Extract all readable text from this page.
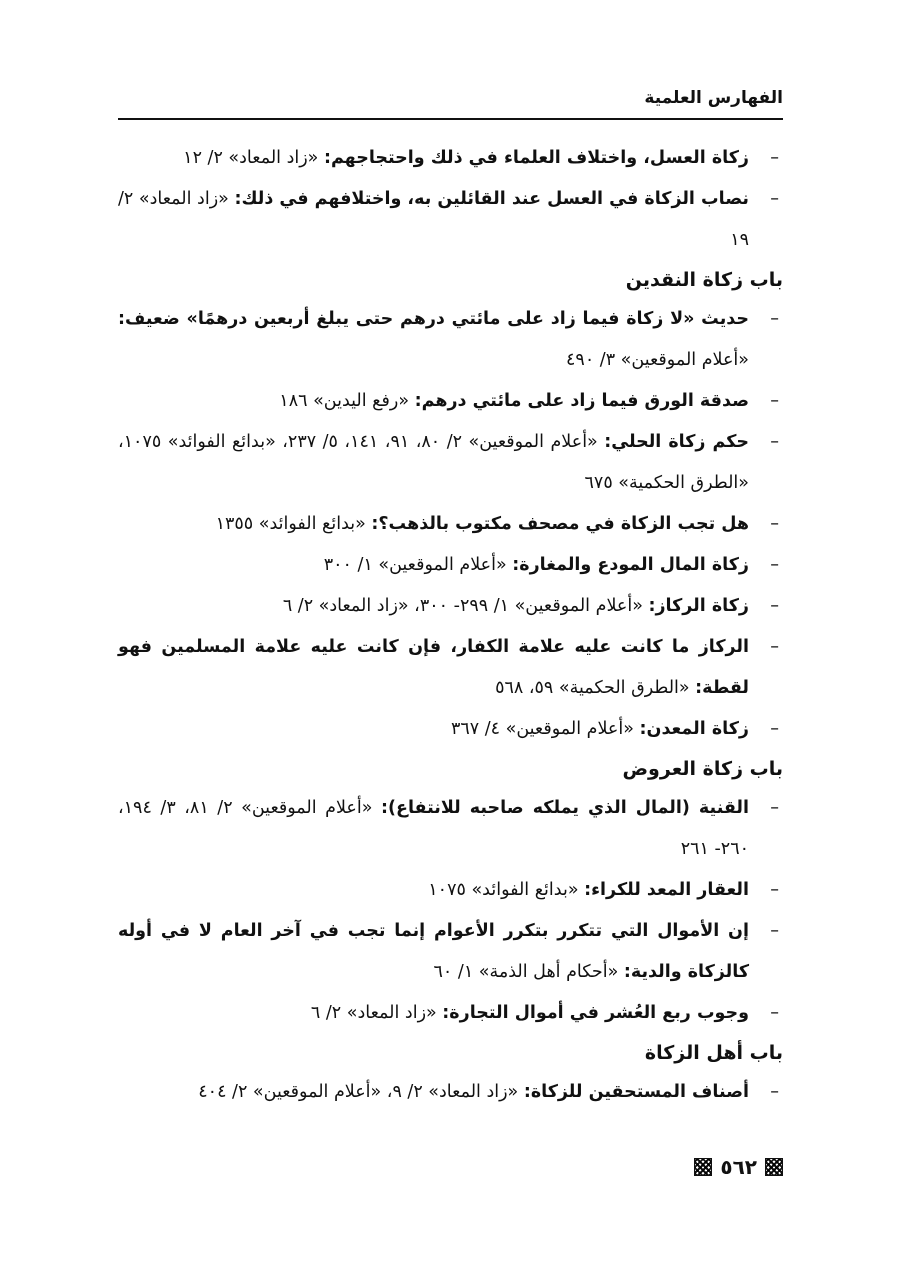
الفهارس العلمية
–
زكاة العسل، واختلاف العلماء في ذلك واحتجاجهم: «زاد المعاد» ٢/ ١٢
–
نصاب الزكاة في العسل عند القائلين به، واختلافهم في ذلك: «زاد المعاد» ٢/ ١٩
باب زكاة النقدين
–
حديث «لا زكاة فيما زاد على مائتي درهم حتى يبلغ أربعين درهمًا» ضعيف: «أعلام الموقعين» ٣/ ٤٩٠
–
صدقة الورق فيما زاد على مائتي درهم: «رفع اليدين» ١٨٦
–
حكم زكاة الحلي: «أعلام الموقعين» ٢/ ٨٠، ٩١، ١٤١، ٥/ ٢٣٧، «بدائع الفوائد» ١٠٧٥، «الطرق الحكمية» ٦٧٥
–
هل تجب الزكاة في مصحف مكتوب بالذهب؟: «بدائع الفوائد» ١٣٥٥
–
زكاة المال المودع والمغارة: «أعلام الموقعين» ١/ ٣٠٠
–
زكاة الركاز: «أعلام الموقعين» ١/ ٢٩٩- ٣٠٠، «زاد المعاد» ٢/ ٦
–
الركاز ما كانت عليه علامة الكفار، فإن كانت عليه علامة المسلمين فهو لقطة: «الطرق الحكمية» ٥٩، ٥٦٨
–
زكاة المعدن: «أعلام الموقعين» ٤/ ٣٦٧
باب زكاة العروض
–
القنية (المال الذي يملكه صاحبه للانتفاع): «أعلام الموقعين» ٢/ ٨١، ٣/ ١٩٤، ٢٦٠- ٢٦١
–
العقار المعد للكراء: «بدائع الفوائد» ١٠٧٥
–
إن الأموال التي تتكرر بتكرر الأعوام إنما تجب في آخر العام لا في أوله كالزكاة والدية: «أحكام أهل الذمة» ١/ ٦٠
–
وجوب ربع العُشر في أموال التجارة: «زاد المعاد» ٢/ ٦
باب أهل الزكاة
–
أصناف المستحقين للزكاة: «زاد المعاد» ٢/ ٩، «أعلام الموقعين» ٢/ ٤٠٤
٥٦٢
